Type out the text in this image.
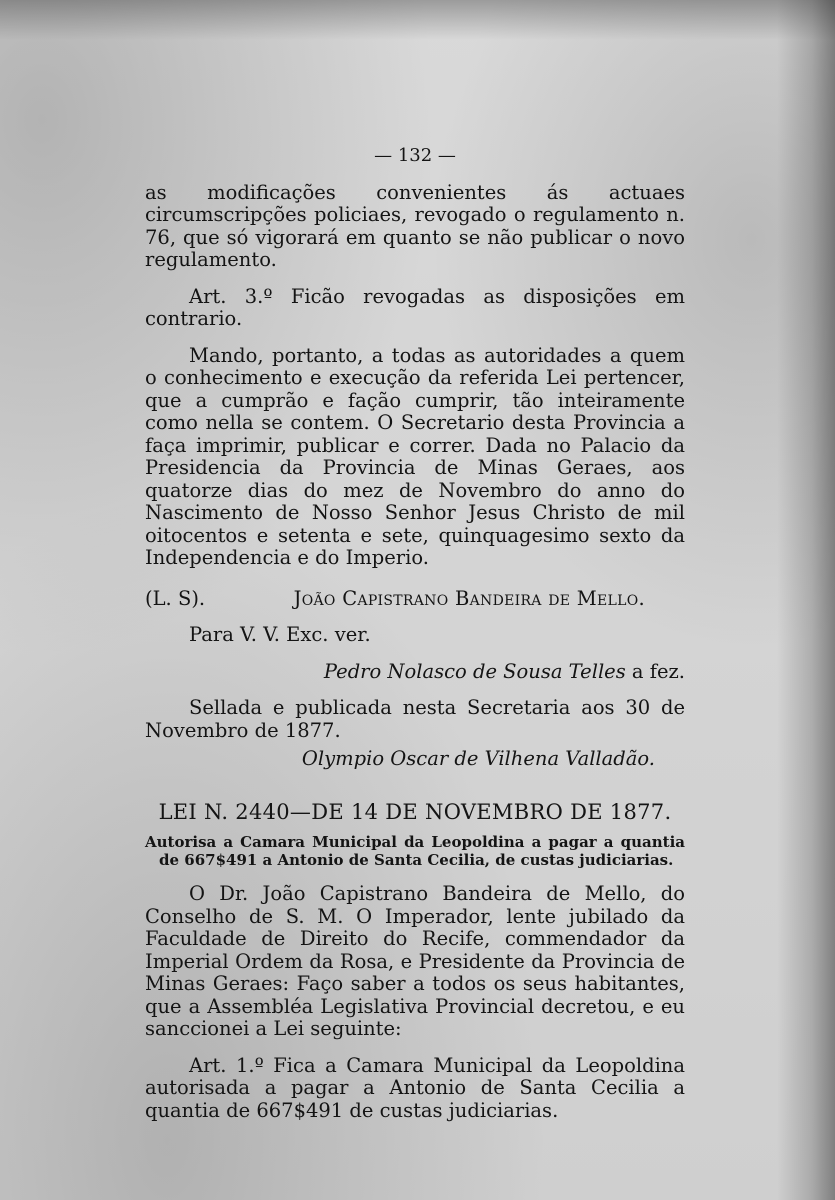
— 132 —

as modificações convenientes ás actuaes circumscripções policiaes, revogado o regulamento n. 76, que só vigorará em quanto se não publicar o novo regulamento.

Art. 3.º Ficão revogadas as disposições em contrario.

Mando, portanto, a todas as autoridades a quem o conhecimento e execução da referida Lei pertencer, que a cumprão e fação cumprir, tão inteiramente como nella se contem. O Secretario desta Provincia a faça imprimir, publicar e correr. Dada no Palacio da Presidencia da Provincia de Minas Geraes, aos quatorze dias do mez de Novembro do anno do Nascimento de Nosso Senhor Jesus Christo de mil oitocentos e setenta e sete, quinquagesimo sexto da Independencia e do Imperio.

(L. S).	João Capistrano Bandeira de Mello.

Para V. V. Exc. ver.

Pedro Nolasco de Sousa Telles a fez.

Sellada e publicada nesta Secretaria aos 30 de Novembro de 1877.

Olympio Oscar de Vilhena Valladão.

LEI N. 2440—DE 14 DE NOVEMBRO DE 1877.

Autorisa a Camara Municipal da Leopoldina a pagar a quantia de 667$491 a Antonio de Santa Cecilia, de custas judiciarias.

O Dr. João Capistrano Bandeira de Mello, do Conselho de S. M. O Imperador, lente jubilado da Faculdade de Direito do Recife, commendador da Imperial Ordem da Rosa, e Presidente da Provincia de Minas Geraes: Faço saber a todos os seus habitantes, que a Assembléa Legislativa Provincial decretou, e eu sanccionei a Lei seguinte:

Art. 1.º Fica a Camara Municipal da Leopoldina autorisada a pagar a Antonio de Santa Cecilia a quantia de 667$491 de custas judiciarias.
